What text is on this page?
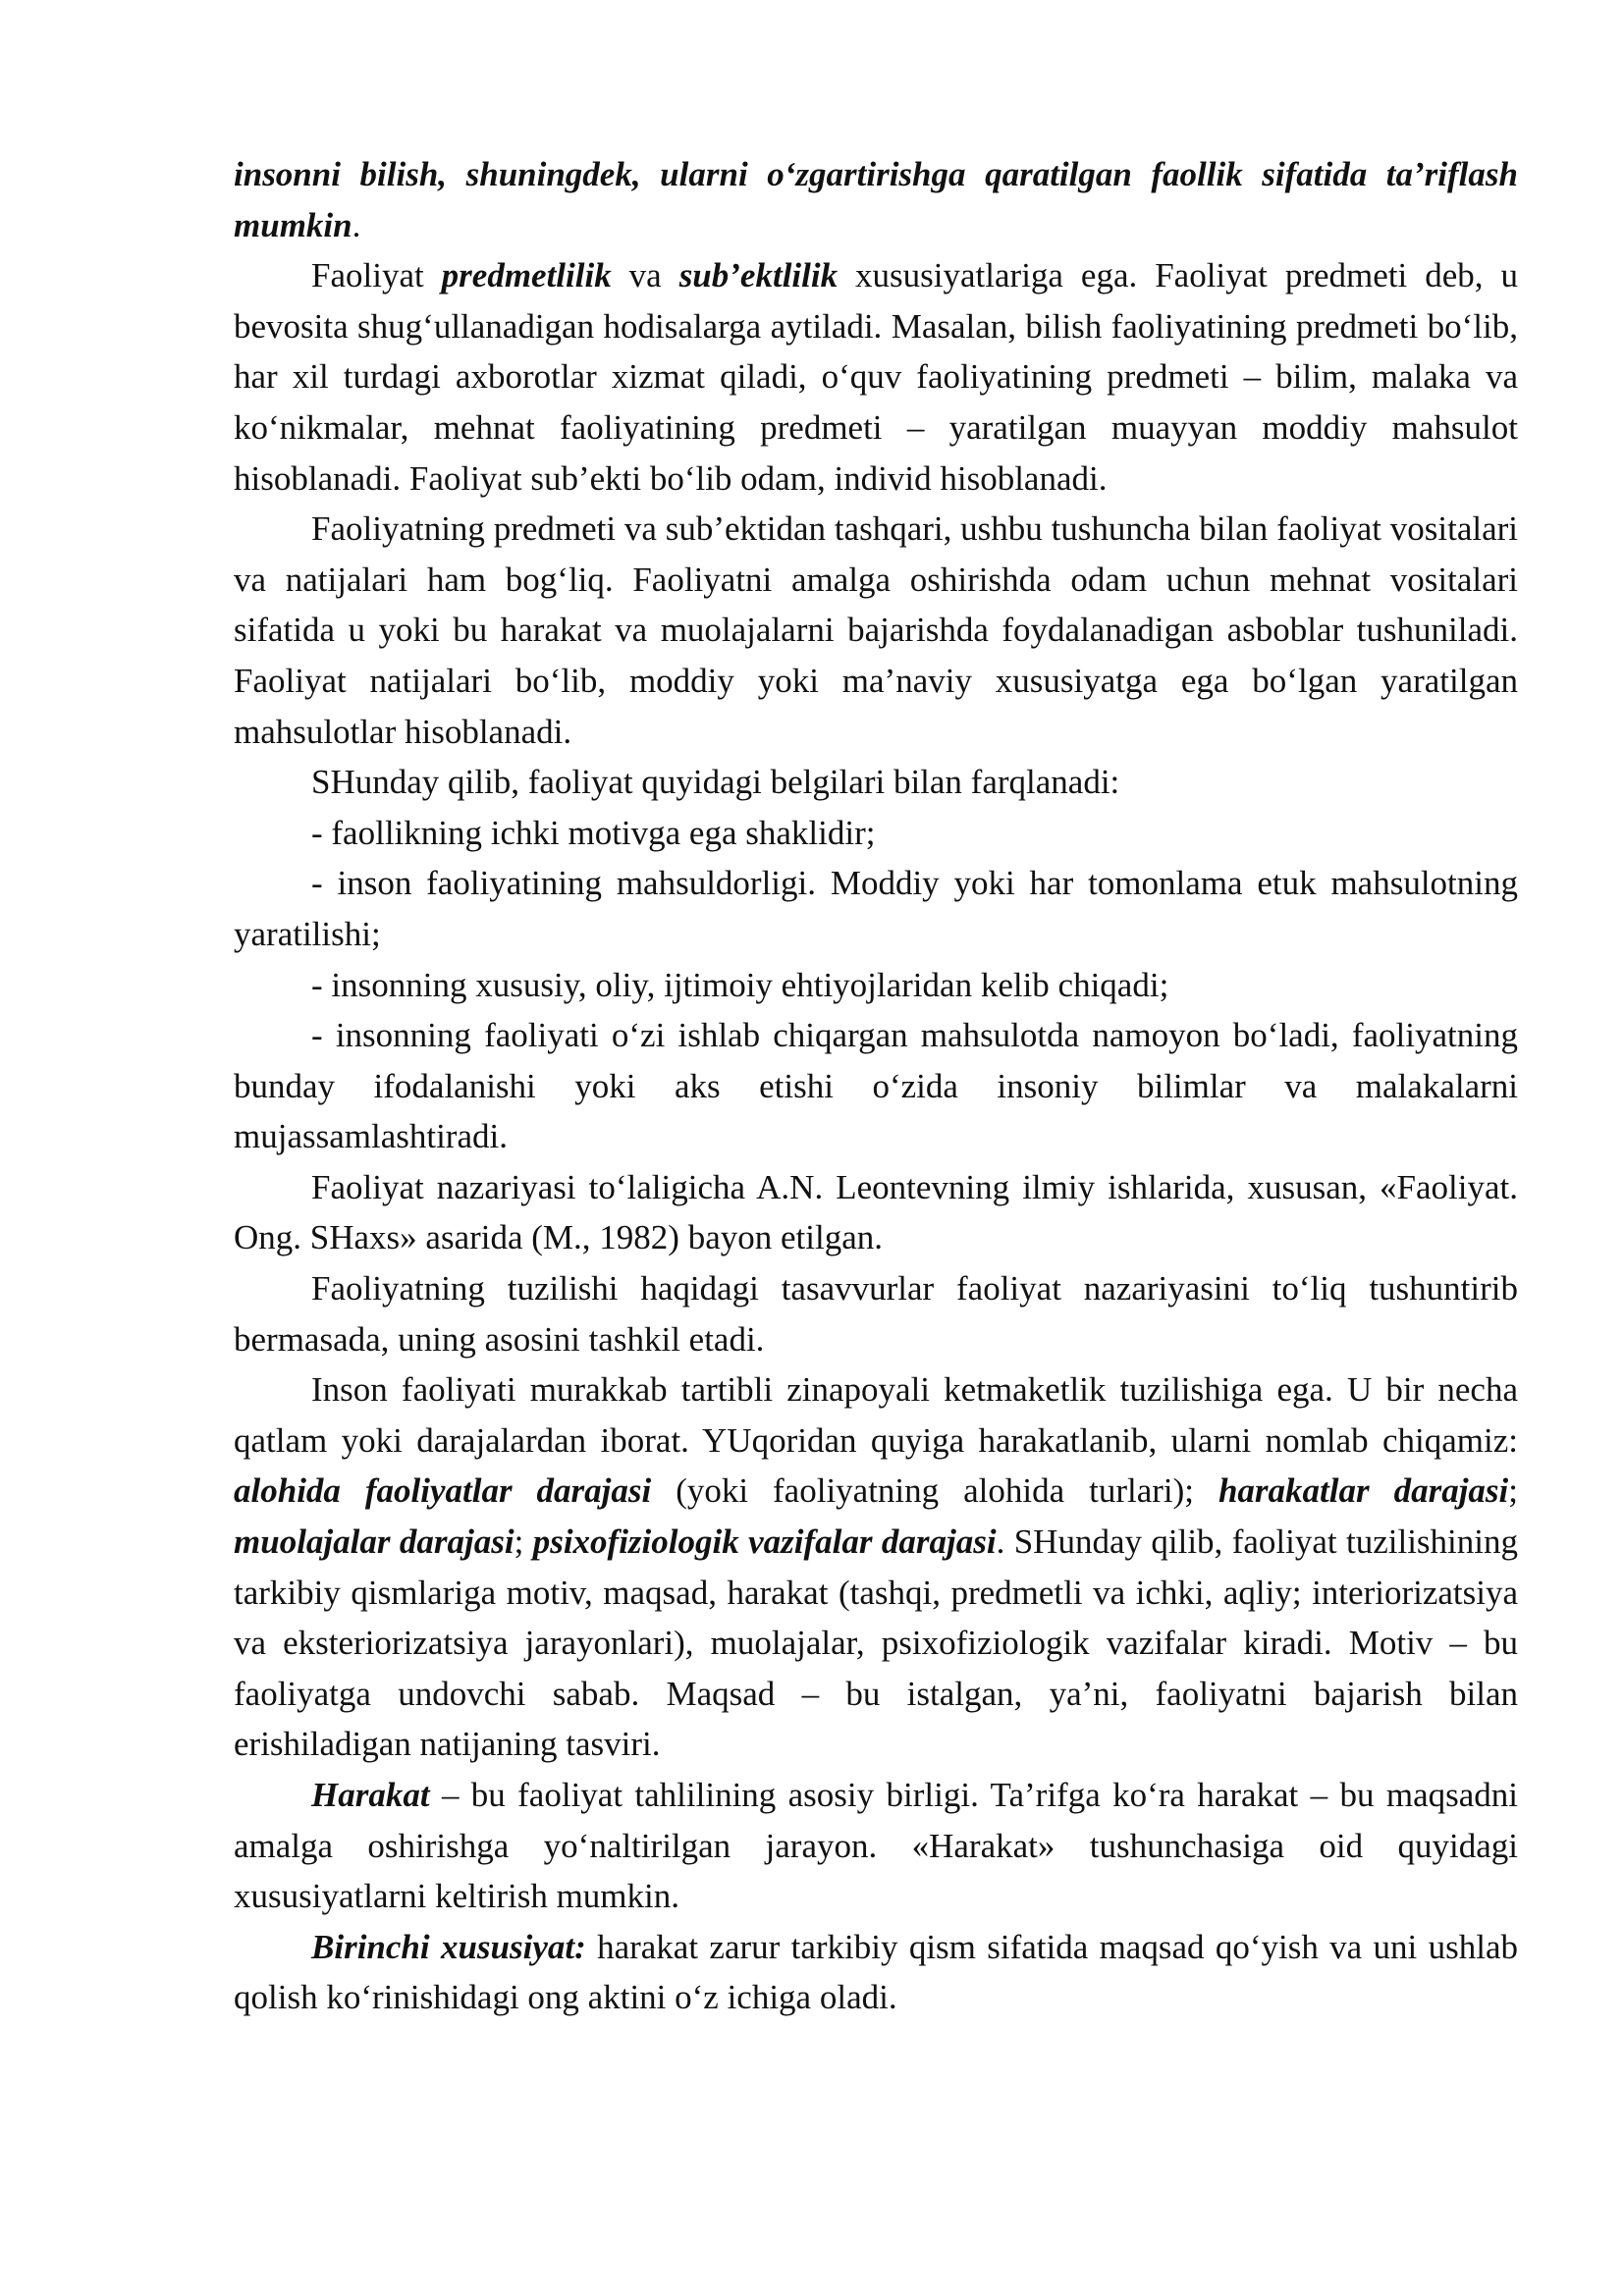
insonni bilish, shuningdek, ularni o‘zgartirishga qaratilgan faollik sifatida ta’riflash mumkin.

Faoliyat predmetlilik va sub’ektlilik xususiyatlariga ega. Faoliyat predmeti deb, u bevosita shug‘ullanadigan hodisalarga aytiladi. Masalan, bilish faoliyatining predmeti bo‘lib, har xil turdagi axborotlar xizmat qiladi, o‘quv faoliyatining predmeti – bilim, malaka va ko‘nikmalar, mehnat faoliyatining predmeti – yaratilgan muayyan moddiy mahsulot hisoblanadi. Faoliyat sub’ekti bo‘lib odam, individ hisoblanadi.

Faoliyatning predmeti va sub’ektidan tashqari, ushbu tushuncha bilan faoliyat vositalari va natijalari ham bog‘liq. Faoliyatni amalga oshirishda odam uchun mehnat vositalari sifatida u yoki bu harakat va muolajalarni bajarishda foydalanadigan asboblar tushuniladi. Faoliyat natijalari bo‘lib, moddiy yoki ma’naviy xususiyatga ega bo‘lgan yaratilgan mahsulotlar hisoblanadi.

SHunday qilib, faoliyat quyidagi belgilari bilan farqlanadi:

- faollikning ichki motivga ega shaklidir;

- inson faoliyatining mahsuldorligi. Moddiy yoki har tomonlama etuk mahsulotning yaratilishi;

- insonning xususiy, oliy, ijtimoiy ehtiyojlaridan kelib chiqadi;

- insonning faoliyati o‘zi ishlab chiqargan mahsulotda namoyon bo‘ladi, faoliyatning bunday ifodalanishi yoki aks etishi o‘zida insoniy bilimlar va malakalarni mujassamlashtiradi.

Faoliyat nazariyasi to‘laligicha A.N. Leontevning ilmiy ishlarida, xususan, «Faoliyat. Ong. SHaxs» asarida (M., 1982) bayon etilgan.

Faoliyatning tuzilishi haqidagi tasavvurlar faoliyat nazariyasini to‘liq tushuntirib bermasada, uning asosini tashkil etadi.

Inson faoliyati murakkab tartibli zinapoyali ketmaketlik tuzilishiga ega. U bir necha qatlam yoki darajalardan iborat. YUqoridan quyiga harakatlanib, ularni nomlab chiqamiz: alohida faoliyatlar darajasi (yoki faoliyatning alohida turlari); harakatlar darajasi; muolajalar darajasi; psixofiziologik vazifalar darajasi. SHunday qilib, faoliyat tuzilishining tarkibiy qismlariga motiv, maqsad, harakat (tashqi, predmetli va ichki, aqliy; interiorizatsiya va eksteriorizatsiya jarayonlari), muolajalar, psixofiziologik vazifalar kiradi. Motiv – bu faoliyatga undovchi sabab. Maqsad – bu istalgan, ya’ni, faoliyatni bajarish bilan erishiladigan natijaning tasviri.

Harakat – bu faoliyat tahlilining asosiy birligi. Ta’rifga ko‘ra harakat – bu maqsadni amalga oshirishga yo‘naltirilgan jarayon. «Harakat» tushunchasiga oid quyidagi xususiyatlarni keltirish mumkin.

Birinchi xususiyat: harakat zarur tarkibiy qism sifatida maqsad qo‘yish va uni ushlab qolish ko‘rinishidagi ong aktini o‘z ichiga oladi.
